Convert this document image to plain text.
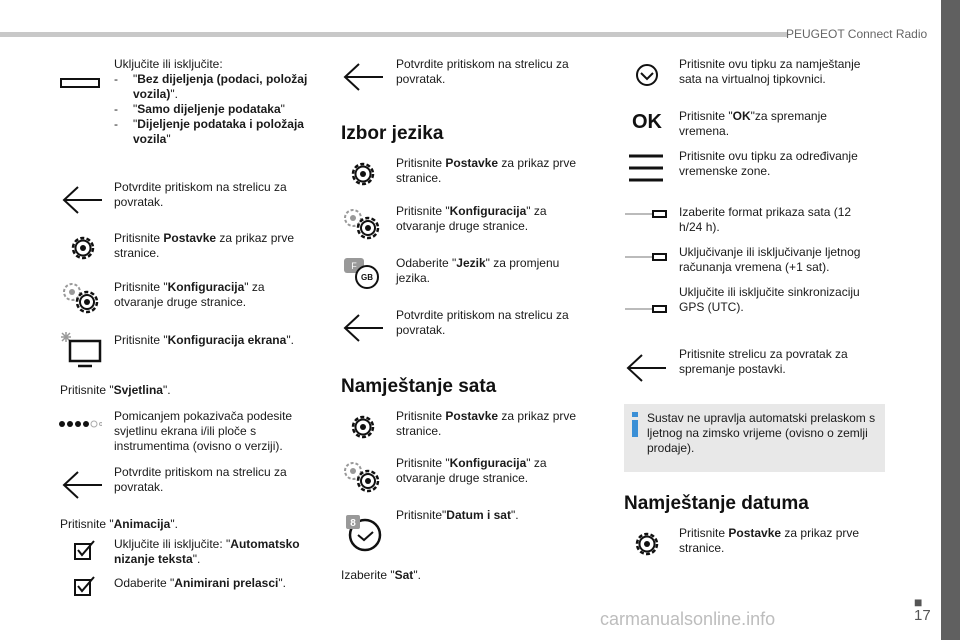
PEUGEOT Connect Radio
Uključite ili isključite:
- "Bez dijeljenja (podaci, položaj vozila)".
- "Samo dijeljenje podataka"
- "Dijeljenje podataka i položaja vozila"
Potvrdite pritiskom na strelicu za povratak.
Pritisnite Postavke za prikaz prve stranice.
Pritisnite "Konfiguracija" za otvaranje druge stranice.
Pritisnite "Konfiguracija ekrana".
Pritisnite "Svjetlina".
Pomicanjem pokazivača podesite svjetlinu ekrana i/ili ploče s instrumentima (ovisno o verziji).
Potvrdite pritiskom na strelicu za povratak.
Pritisnite "Animacija".
Uključite ili isključite: "Automatsko nizanje teksta".
Odaberite "Animirani prelasci".
Potvrdite pritiskom na strelicu za povratak.
Izbor jezika
Pritisnite Postavke za prikaz prve stranice.
Pritisnite "Konfiguracija" za otvaranje druge stranice.
F
GB
Odaberite "Jezik" za promjenu jezika.
Potvrdite pritiskom na strelicu za povratak.
Namještanje sata
Pritisnite Postavke za prikaz prve stranice.
Pritisnite "Konfiguracija" za otvaranje druge stranice.
8
Pritisnite"Datum i sat".
Izaberite "Sat".
Pritisnite ovu tipku za namještanje sata na virtualnoj tipkovnici.
OK Pritisnite "OK"za spremanje vremena.
Pritisnite ovu tipku za određivanje vremenske zone.
Izaberite format prikaza sata (12 h/24 h).
Uključivanje ili isključivanje ljetnog računanja vremena (+1 sat).
Uključite ili isključite sinkronizaciju GPS (UTC).
Pritisnite strelicu za povratak za spremanje postavki.
Sustav ne upravlja automatski prelaskom s ljetnog na zimsko vrijeme (ovisno o zemlji prodaje).
Namještanje datuma
Pritisnite Postavke za prikaz prve stranice.
carmanualsonline.info
■
17
